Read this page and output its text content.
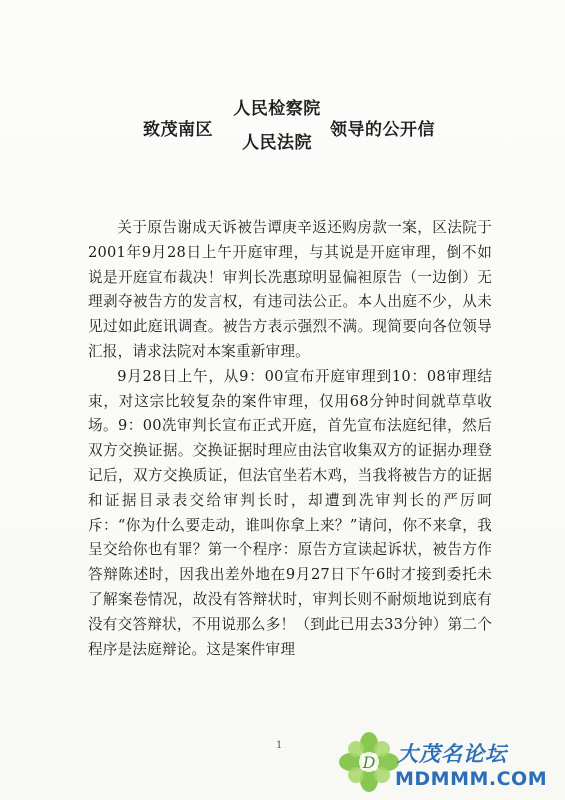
致茂南区
人民检察院
人民法院
领导的公开信

关于原告谢成天诉被告谭庚辛返还购房款一案，区法院于2001年9月28日上午开庭审理，与其说是开庭审理，倒不如说是开庭宣布裁决！审判长冼惠琼明显偏袒原告（一边倒）无理剥夺被告方的发言权，有违司法公正。本人出庭不少，从未见过如此庭讯调查。被告方表示强烈不满。现简要向各位领导汇报，请求法院对本案重新审理。

9月28日上午，从9：00宣布开庭审理到10：08审理结束，对这宗比较复杂的案件审理，仅用68分钟时间就草草收场。9：00冼审判长宣布正式开庭，首先宣布法庭纪律，然后双方交换证据。交换证据时理应由法官收集双方的证据办理登记后，双方交换质证，但法官坐若木鸡，当我将被告方的证据和证据目录表交给审判长时，却遭到冼审判长的严厉呵斥：“你为什么要走动，谁叫你拿上来？”请问，你不来拿，我呈交给你也有罪？第一个程序：原告方宣读起诉状，被告方作答辩陈述时，因我出差外地在9月27日下午6时才接到委托未了解案卷情况，故没有答辩状时，审判长则不耐烦地说到底有没有交答辩状，不用说那么多！（到此已用去33分钟）第二个程序是法庭辩论。这是案件审理

1
D 大茂名论坛
MDMMM.COM
